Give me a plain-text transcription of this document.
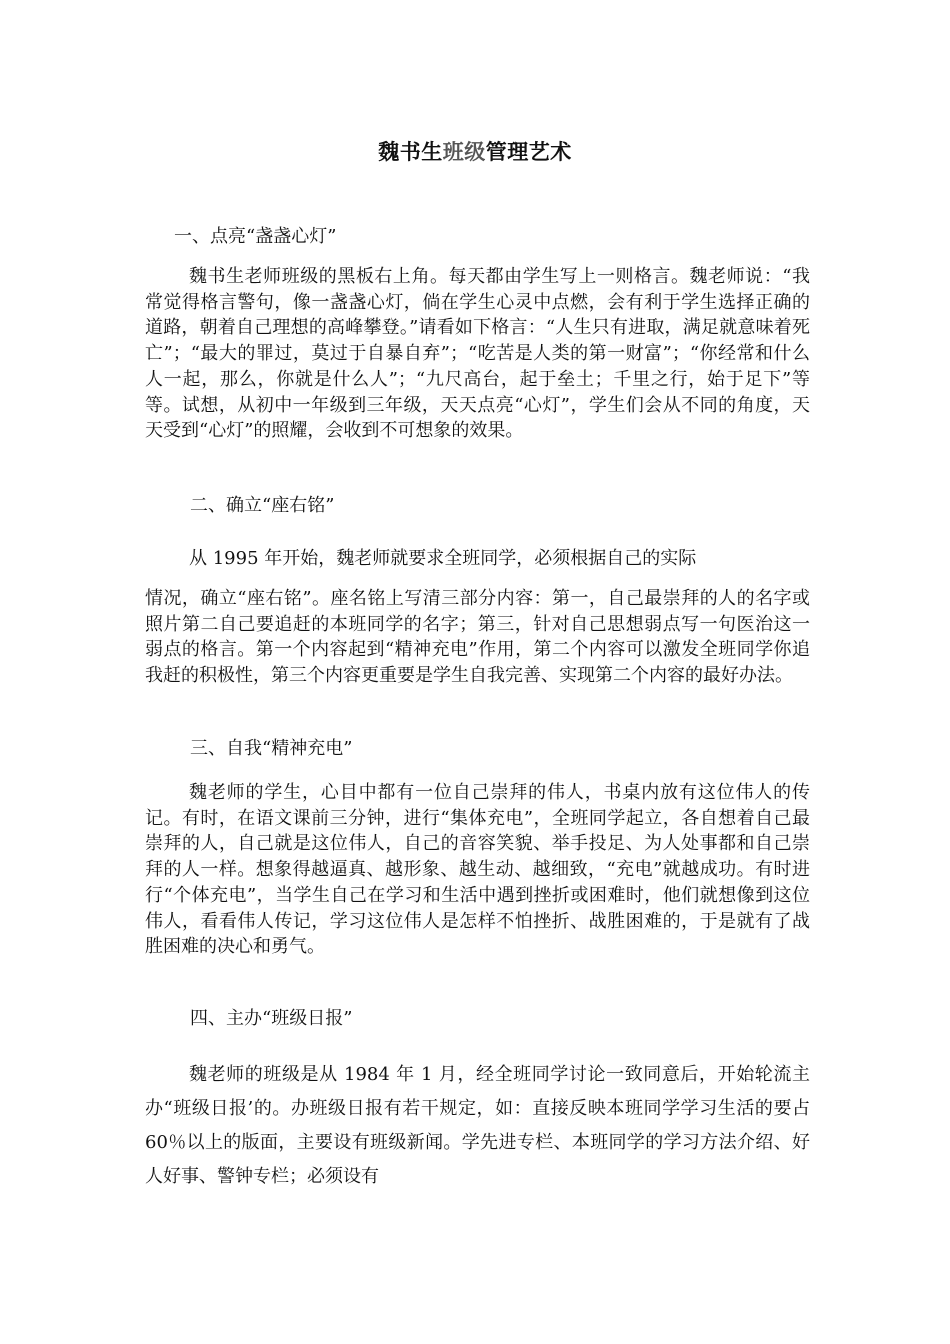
魏书生班级管理艺术
一、点亮“盏盏心灯”
魏书生老师班级的黑板右上角。每天都由学生写上一则格言。魏老师说：“我常觉得格言警句，像一盏盏心灯，倘在学生心灵中点燃，会有利于学生选择正确的道路，朝着自己理想的高峰攀登。”请看如下格言：“人生只有进取，满足就意味着死亡”；“最大的罪过，莫过于自暴自弃”；“吃苦是人类的第一财富”；“你经常和什么人一起，那么，你就是什么人”；“九尺高台，起于垒土；千里之行，始于足下”等等。试想，从初中一年级到三年级，天天点亮“心灯”，学生们会从不同的角度，天天受到“心灯”的照耀，会收到不可想象的效果。
二、确立“座右铭”
从 1995 年开始，魏老师就要求全班同学，必须根据自己的实际
情况，确立“座右铭”。座名铭上写清三部分内容：第一，自己最崇拜的人的名字或照片第二自己要追赶的本班同学的名字；第三，针对自己思想弱点写一句医治这一弱点的格言。第一个内容起到“精神充电”作用，第二个内容可以激发全班同学你追我赶的积极性，第三个内容更重要是学生自我完善、实现第二个内容的最好办法。
三、自我“精神充电”
魏老师的学生，心目中都有一位自己崇拜的伟人，书桌内放有这位伟人的传记。有时，在语文课前三分钟，进行“集体充电”，全班同学起立，各自想着自己最崇拜的人，自己就是这位伟人，自己的音容笑貌、举手投足、为人处事都和自己崇拜的人一样。想象得越逼真、越形象、越生动、越细致，“充电”就越成功。有时进行“个体充电”，当学生自己在学习和生活中遇到挫折或困难时，他们就想像到这位伟人，看看伟人传记，学习这位伟人是怎样不怕挫折、战胜困难的，于是就有了战胜困难的决心和勇气。
四、主办“班级日报”
魏老师的班级是从 1984 年 1 月，经全班同学讨论一致同意后，开始轮流主办“班级日报’的。办班级日报有若干规定，如：直接反映本班同学学习生活的要占 60％以上的版面，主要设有班级新闻。学先进专栏、本班同学的学习方法介绍、好人好事、警钟专栏；必须设有
